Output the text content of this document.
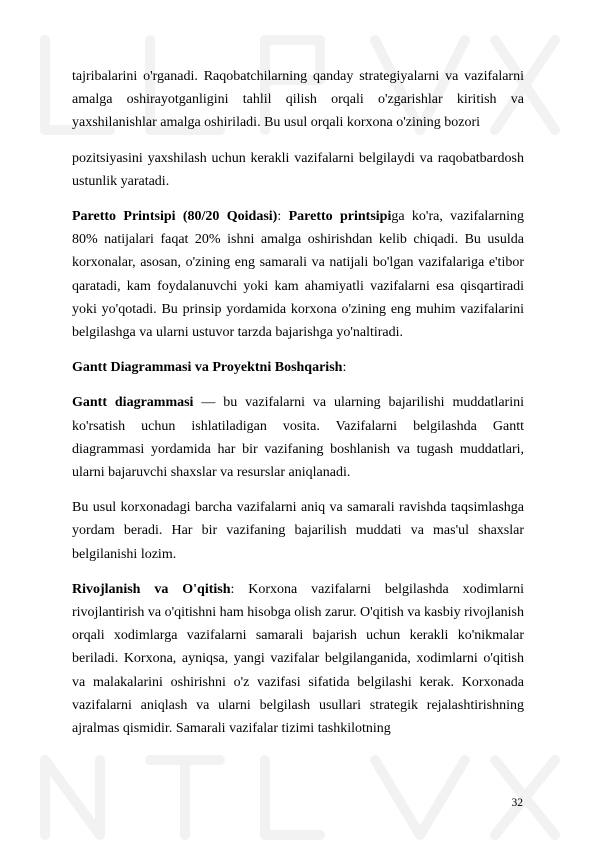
tajribalarini o'rganadi. Raqobatchilarning qanday strategiyalarni va vazifalarni amalga oshirayotganligini tahlil qilish orqali o'zgarishlar kiritish va yaxshilanishlar amalga oshiriladi. Bu usul orqali korxona o'zining bozori

pozitsiyasini yaxshilash uchun kerakli vazifalarni belgilaydi va raqobatbardosh ustunlik yaratadi.

Paretto Printsipi (80/20 Qoidasi): Paretto printsipiga ko'ra, vazifalarning 80% natijalari faqat 20% ishni amalga oshirishdan kelib chiqadi. Bu usulda korxonalar, asosan, o'zining eng samarali va natijali bo'lgan vazifalariga e'tibor qaratadi, kam foydalanuvchi yoki kam ahamiyatli vazifalarni esa qisqartiradi yoki yo'qotadi. Bu prinsip yordamida korxona o'zining eng muhim vazifalarini belgilashga va ularni ustuvor tarzda bajarishga yo'naltiradi.

Gantt Diagrammasi va Proyektni Boshqarish:

Gantt diagrammasi — bu vazifalarni va ularning bajarilishi muddatlarini ko'rsatish uchun ishlatiladigan vosita. Vazifalarni belgilashda Gantt diagrammasi yordamida har bir vazifaning boshlanish va tugash muddatlari, ularni bajaruvchi shaxslar va resurslar aniqlanadi.

Bu usul korxonadagi barcha vazifalarni aniq va samarali ravishda taqsimlashga yordam beradi. Har bir vazifaning bajarilish muddati va mas'ul shaxslar belgilanishi lozim.

Rivojlanish va O'qitish: Korxona vazifalarni belgilashda xodimlarni rivojlantirish va o'qitishni ham hisobga olish zarur. O'qitish va kasbiy rivojlanish orqali xodimlarga vazifalarni samarali bajarish uchun kerakli ko'nikmalar beriladi. Korxona, ayniqsa, yangi vazifalar belgilanganida, xodimlarni o'qitish va malakalarini oshirishni o'z vazifasi sifatida belgilashi kerak. Korxonada vazifalarni aniqlash va ularni belgilash usullari strategik rejalashtirishning ajralmas qismidir. Samarali vazifalar tizimi tashkilotning

32
